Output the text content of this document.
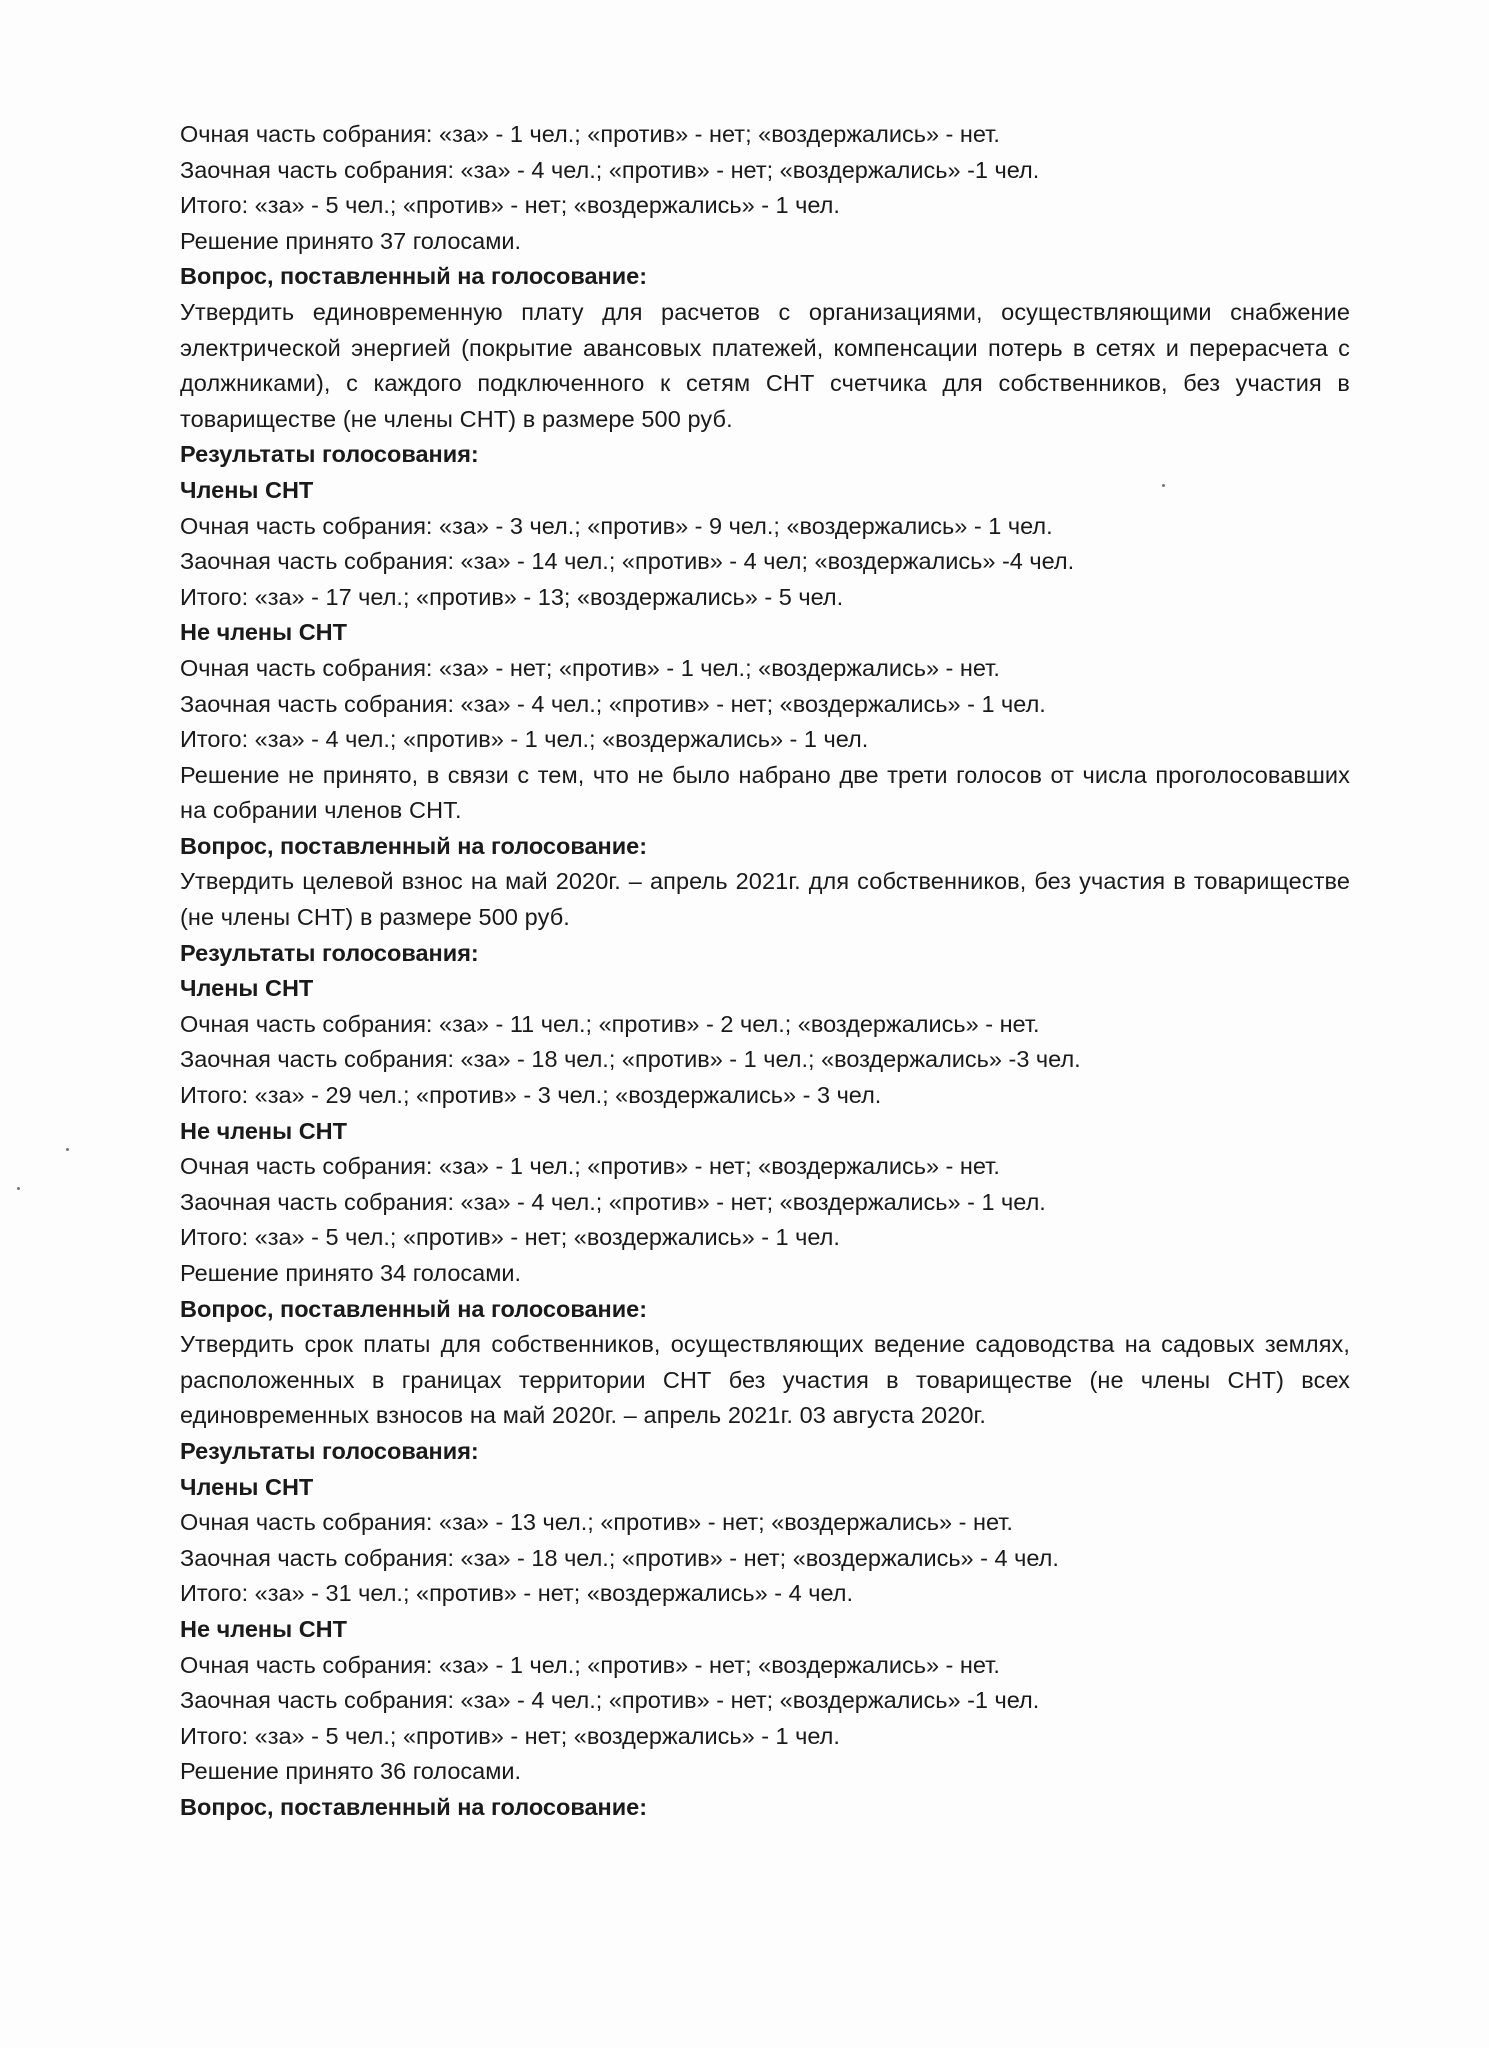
Очная часть собрания: «за» - 1 чел.; «против» - нет; «воздержались» - нет.
Заочная часть собрания: «за» - 4 чел.; «против» - нет; «воздержались» -1 чел.
Итого: «за» - 5 чел.; «против» - нет; «воздержались» - 1 чел.
Решение принято 37 голосами.
Вопрос, поставленный на голосование:
Утвердить единовременную плату для расчетов с организациями, осуществляющими снабжение электрической энергией (покрытие авансовых платежей, компенсации потерь в сетях и перерасчета с должниками), с каждого подключенного к сетям СНТ счетчика для собственников, без участия в товариществе (не члены СНТ) в размере 500 руб.
Результаты голосования:
Члены СНТ
Очная часть собрания: «за» - 3 чел.; «против» - 9 чел.; «воздержались» - 1 чел.
Заочная часть собрания: «за» - 14 чел.; «против» - 4 чел; «воздержались» -4 чел.
Итого: «за» - 17 чел.; «против» - 13; «воздержались» - 5 чел.
Не члены СНТ
Очная часть собрания: «за» - нет; «против» - 1 чел.; «воздержались» - нет.
Заочная часть собрания: «за» - 4 чел.; «против» - нет; «воздержались» - 1 чел.
Итого: «за» - 4 чел.; «против» - 1 чел.; «воздержались» - 1 чел.
Решение не принято, в связи с тем, что не было набрано две трети голосов от числа проголосовавших на собрании членов СНТ.
Вопрос, поставленный на голосование:
Утвердить целевой взнос на май 2020г. – апрель 2021г. для собственников, без участия в товариществе (не члены СНТ) в размере 500 руб.
Результаты голосования:
Члены СНТ
Очная часть собрания: «за» - 11 чел.; «против» - 2 чел.; «воздержались» - нет.
Заочная часть собрания: «за» - 18 чел.; «против» - 1 чел.; «воздержались» -3 чел.
Итого: «за» - 29 чел.; «против» - 3 чел.; «воздержались» - 3 чел.
Не члены СНТ
Очная часть собрания: «за» - 1 чел.; «против» - нет; «воздержались» - нет.
Заочная часть собрания: «за» - 4 чел.; «против» - нет; «воздержались» - 1 чел.
Итого: «за» - 5 чел.; «против» - нет; «воздержались» - 1 чел.
Решение принято 34 голосами.
Вопрос, поставленный на голосование:
Утвердить срок платы для собственников, осуществляющих ведение садоводства на садовых землях, расположенных в границах территории СНТ без участия в товариществе (не члены СНТ) всех единовременных взносов на май 2020г. – апрель 2021г. 03 августа 2020г.
Результаты голосования:
Члены СНТ
Очная часть собрания: «за» - 13 чел.; «против» - нет; «воздержались» - нет.
Заочная часть собрания: «за» - 18 чел.; «против» - нет; «воздержались» - 4 чел.
Итого: «за» - 31 чел.; «против» - нет; «воздержались» - 4 чел.
Не члены СНТ
Очная часть собрания: «за» - 1 чел.; «против» - нет; «воздержались» - нет.
Заочная часть собрания: «за» - 4 чел.; «против» - нет; «воздержались» -1 чел.
Итого: «за» - 5 чел.; «против» - нет; «воздержались» - 1 чел.
Решение принято 36 голосами.
Вопрос, поставленный на голосование:
